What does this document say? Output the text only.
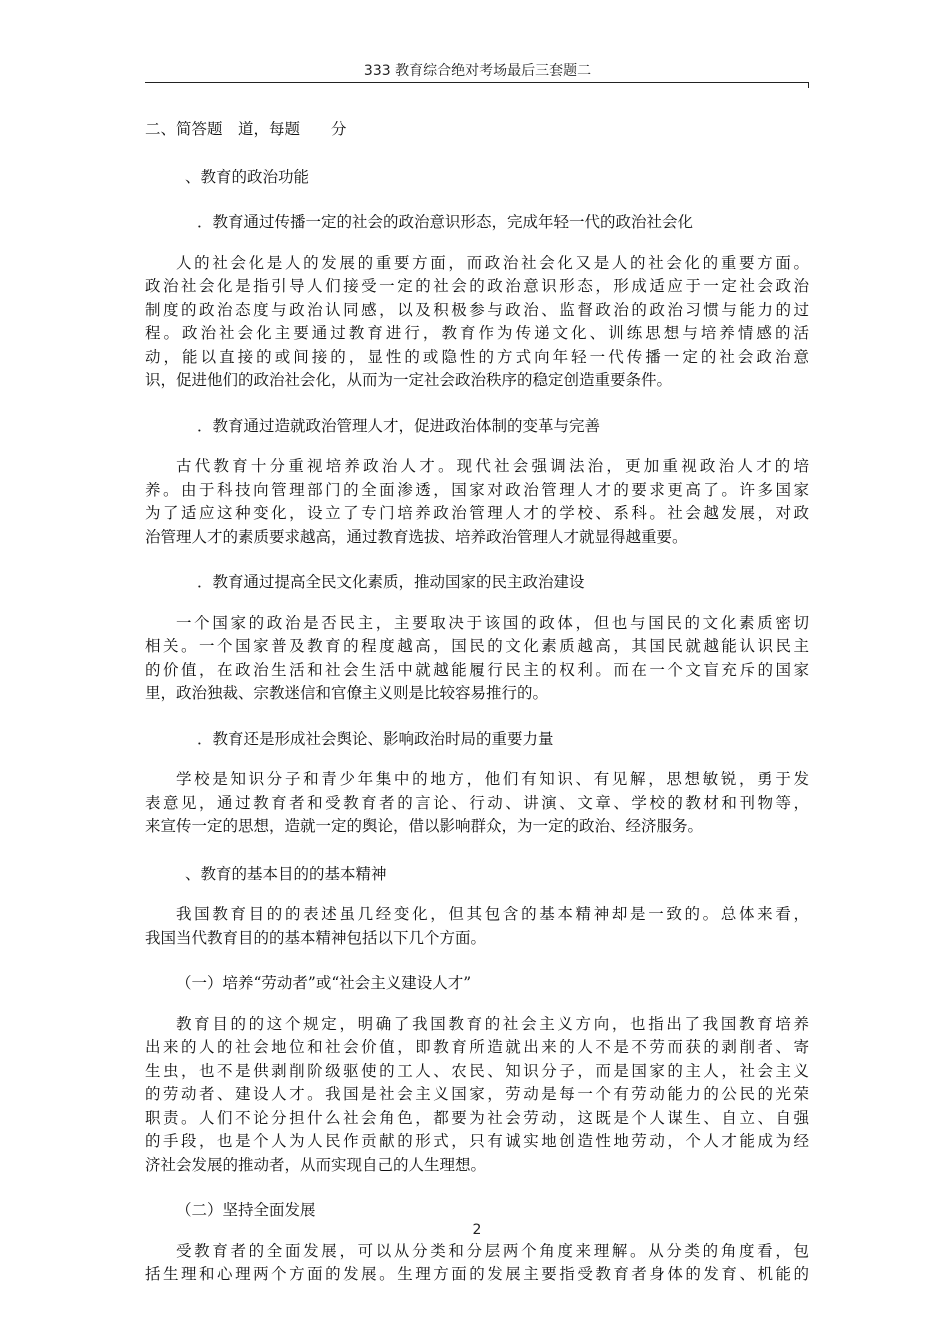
333 教育综合绝对考场最后三套题二
二、简答题　道，每题　　分
、教育的政治功能
．教育通过传播一定的社会的政治意识形态，完成年轻一代的政治社会化
人的社会化是人的发展的重要方面，而政治社会化又是人的社会化的重要方面。
政治社会化是指引导人们接受一定的社会的政治意识形态，形成适应于一定社会政治
制度的政治态度与政治认同感，以及积极参与政治、监督政治的政治习惯与能力的过
程。政治社会化主要通过教育进行，教育作为传递文化、训练思想与培养情感的活
动，能以直接的或间接的，显性的或隐性的方式向年轻一代传播一定的社会政治意
识，促进他们的政治社会化，从而为一定社会政治秩序的稳定创造重要条件。
．教育通过造就政治管理人才，促进政治体制的变革与完善
古代教育十分重视培养政治人才。现代社会强调法治，更加重视政治人才的培
养。由于科技向管理部门的全面渗透，国家对政治管理人才的要求更高了。许多国家
为了适应这种变化，设立了专门培养政治管理人才的学校、系科。社会越发展，对政
治管理人才的素质要求越高，通过教育选拔、培养政治管理人才就显得越重要。
．教育通过提高全民文化素质，推动国家的民主政治建设
一个国家的政治是否民主，主要取决于该国的政体，但也与国民的文化素质密切
相关。一个国家普及教育的程度越高，国民的文化素质越高，其国民就越能认识民主
的价值，在政治生活和社会生活中就越能履行民主的权利。而在一个文盲充斥的国家
里，政治独裁、宗教迷信和官僚主义则是比较容易推行的。
．教育还是形成社会舆论、影响政治时局的重要力量
学校是知识分子和青少年集中的地方，他们有知识、有见解，思想敏锐，勇于发
表意见，通过教育者和受教育者的言论、行动、讲演、文章、学校的教材和刊物等，
来宣传一定的思想，造就一定的舆论，借以影响群众，为一定的政治、经济服务。
、教育的基本目的的基本精神
我国教育目的的表述虽几经变化，但其包含的基本精神却是一致的。总体来看，
我国当代教育目的的基本精神包括以下几个方面。
（一）培养“劳动者”或“社会主义建设人才”
教育目的的这个规定，明确了我国教育的社会主义方向，也指出了我国教育培养
出来的人的社会地位和社会价值，即教育所造就出来的人不是不劳而获的剥削者、寄
生虫，也不是供剥削阶级驱使的工人、农民、知识分子，而是国家的主人，社会主义
的劳动者、建设人才。我国是社会主义国家，劳动是每一个有劳动能力的公民的光荣
职责。人们不论分担什么社会角色，都要为社会劳动，这既是个人谋生、自立、自强
的手段，也是个人为人民作贡献的形式，只有诚实地创造性地劳动，个人才能成为经
济社会发展的推动者，从而实现自己的人生理想。
（二）坚持全面发展
受教育者的全面发展，可以从分类和分层两个角度来理解。从分类的角度看，包
括生理和心理两个方面的发展。生理方面的发展主要指受教育者身体的发育、机能的
2
